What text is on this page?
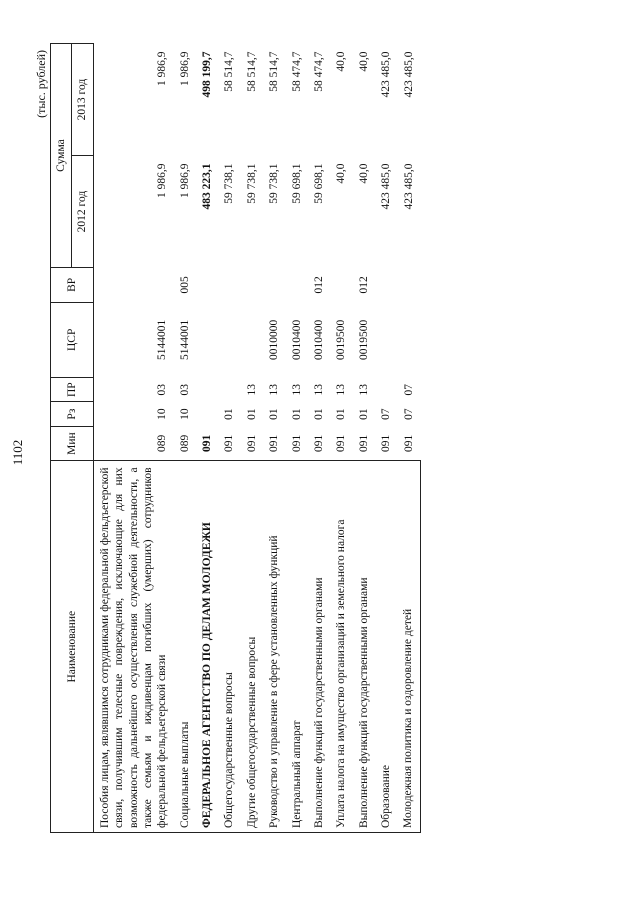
1102
(тыс. рублей)
Наименование	Мин	Рз	ПР	ЦСР	ВР	Сумма	
						2012 год	2013 год
Пособия лицам, являвшимся сотрудниками федеральной фельдъегерской связи, получившим телесные повреждения, исключающие для них возможность дальнейшего осуществления служебной деятельности, а также семьям и иждивенцам погибших (умерших) сотрудников федеральной фельдъегерской связи	089	10	03	5144001		1 986,9	1 986,9
Социальные выплаты	089	10	03	5144001	005	1 986,9	1 986,9
ФЕДЕРАЛЬНОЕ АГЕНТСТВО ПО ДЕЛАМ МОЛОДЕЖИ	091					483 223,1	498 199,7
Общегосударственные вопросы	091	01				59 738,1	58 514,7
Другие общегосударственные вопросы	091	01	13			59 738,1	58 514,7
Руководство и управление в сфере установленных функций	091	01	13	0010000		59 738,1	58 514,7
Центральный аппарат	091	01	13	0010400		59 698,1	58 474,7
Выполнение функций государственными органами	091	01	13	0010400	012	59 698,1	58 474,7
Уплата налога на имущество организаций и земельного налога	091	01	13	0019500		40,0	40,0
Выполнение функций государственными органами	091	01	13	0019500	012	40,0	40,0
Образование	091	07				423 485,0	423 485,0
Молодежная политика и оздоровление детей	091	07	07			423 485,0	423 485,0
